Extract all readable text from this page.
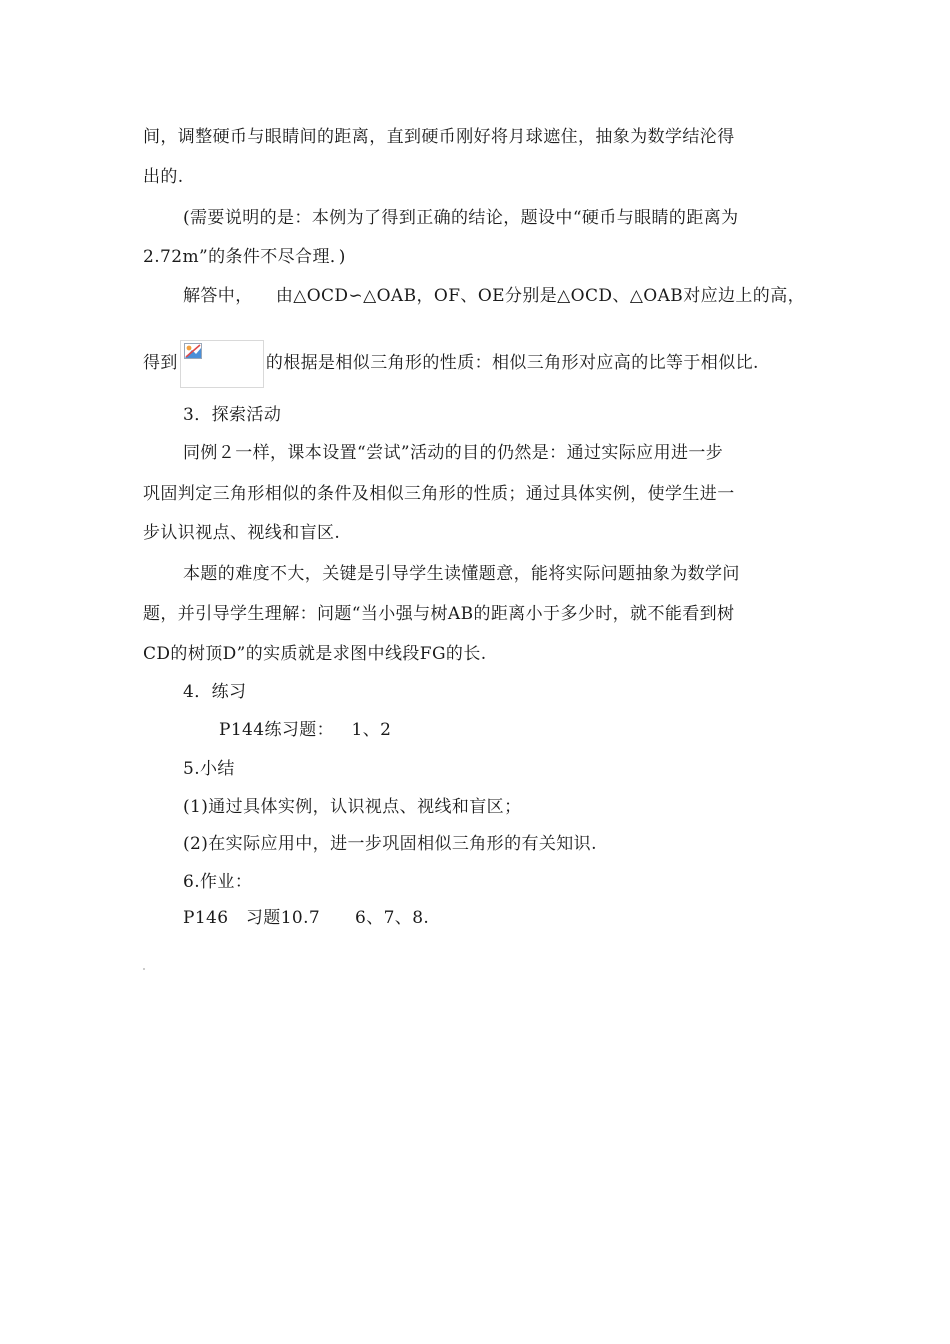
间，调整硬币与眼睛间的距离，直到硬币刚好将月球遮住，抽象为数学结沦得
出的.
(需要说明的是：本例为了得到正确的结论，题设中“硬币与眼睛的距离为
2.72m”的条件不尽合理．)
解答中，    由△OCD∽△OAB，OF、OE分别是△OCD、△OAB对应边上的高，
得到	的根据是相似三角形的性质：相似三角形对应高的比等于相似比.
3．探索活动
同例２一样，课本设置“尝试”活动的目的仍然是：通过实际应用进一步
巩固判定三角形相似的条件及相似三角形的性质；通过具体实例，使学生进一
步认识视点、视线和盲区.
本题的难度不大，关键是引导学生读懂题意，能将实际问题抽象为数学问
题，并引导学生理解：问题“当小强与树AB的距离小于多少时，就不能看到树
CD的树顶D”的实质就是求图中线段FG的长.
4．练习
P144练习题：   1、2
5.小结
(1)通过具体实例，认识视点、视线和盲区；
(2)在实际应用中，进一步巩固相似三角形的有关知识.
6.作业：
P146   习题10.7      6、7、8.
